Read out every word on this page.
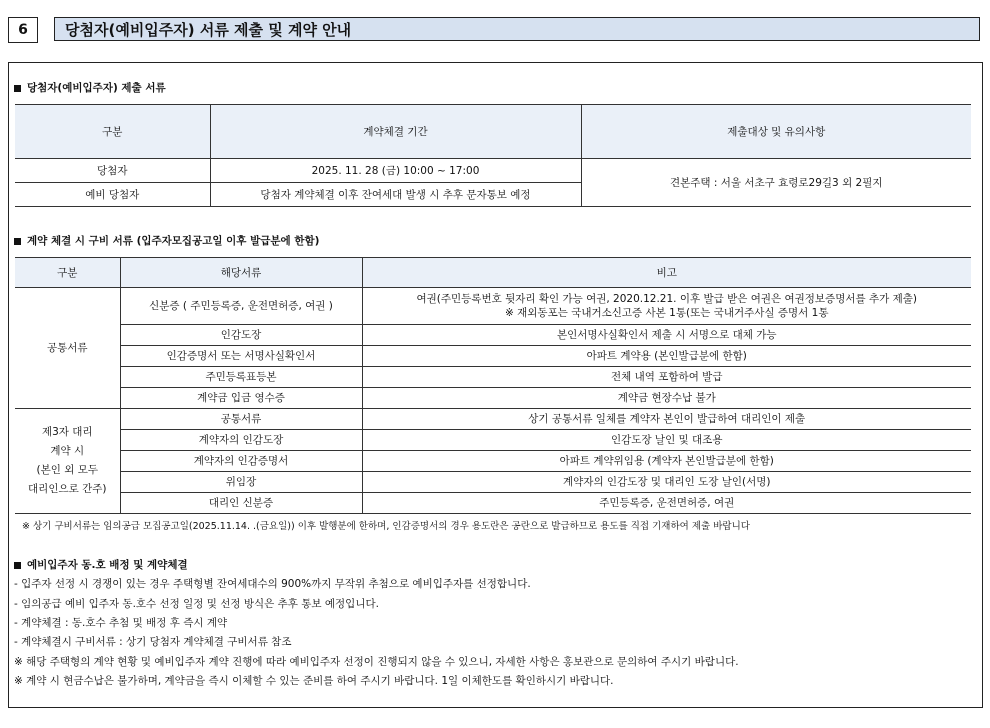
6	당첨자(예비입주자) 서류 제출 및 계약 안내
당첨자(예비입주자) 제출 서류
구분	계약체결 기간	제출대상 및 유의사항
당첨자	2025. 11. 28 (금) 10:00 ~ 17:00	견본주택 : 서울 서초구 효령로29길3 외 2필지
예비 당첨자	당첨자 계약체결 이후 잔여세대 발생 시 추후 문자통보 예정	
계약 체결 시 구비 서류 (입주자모집공고일 이후 발급분에 한함)
구분	해당서류	비고
공통서류	신분증 ( 주민등록증, 운전면허증, 여권 )	여권(주민등록번호 뒷자리 확인 가능 여권, 2020.12.21. 이후 발급 받은 여권은 여권정보증명서를 추가 제출)
※ 재외동포는 국내거소신고증 사본 1통(또는 국내거주사실 증명서 1통

	인감도장	본인서명사실확인서 제출 시 서명으로 대체 가능
	인감증명서 또는 서명사실확인서	아파트 계약용 (본인발급분에 한함)
	주민등록표등본	전체 내역 포함하여 발급
	계약금 입금 영수증	계약금 현장수납 불가

제3자 대리
계약 시
(본인 외 모두
대리인으로 간주)	공통서류	상기 공통서류 일체를 계약자 본인이 발급하여 대리인이 제출
	계약자의 인감도장	인감도장 날인 및 대조용
	계약자의 인감증명서	아파트 계약위임용 (계약자 본인발급분에 한함)
	위임장	계약자의 인감도장 및 대리인 도장 날인(서명)
	대리인 신분증	주민등록증, 운전면허증, 여권
※ 상기 구비서류는 임의공급 모집공고일(2025.11.14. .(금요일)) 이후 발행분에 한하며, 인감증명서의 경우 용도란은 공란으로 발급하므로 용도를 직접 기재하여 제출 바랍니다
예비입주자 동.호 배정 및 계약체결
- 입주자 선정 시 경쟁이 있는 경우 주택형별 잔여세대수의 900%까지 무작위 추첨으로 예비입주자를 선정합니다.
- 임의공급 예비 입주자 동.호수 선정 일정 및 선정 방식은 추후 통보 예정입니다.
- 계약체결 : 동.호수 추첨 및 배정 후 즉시 계약
- 계약체결시 구비서류 : 상기 당첨자 계약체결 구비서류 참조
※ 해당 주택형의 계약 현황 및 예비입주자 계약 진행에 따라 예비입주자 선정이 진행되지 않을 수 있으니, 자세한 사항은 홍보관으로 문의하여 주시기 바랍니다.
※ 계약 시 현금수납은 불가하며, 계약금을 즉시 이체할 수 있는 준비를 하여 주시기 바랍니다. 1일 이체한도를 확인하시기 바랍니다.
